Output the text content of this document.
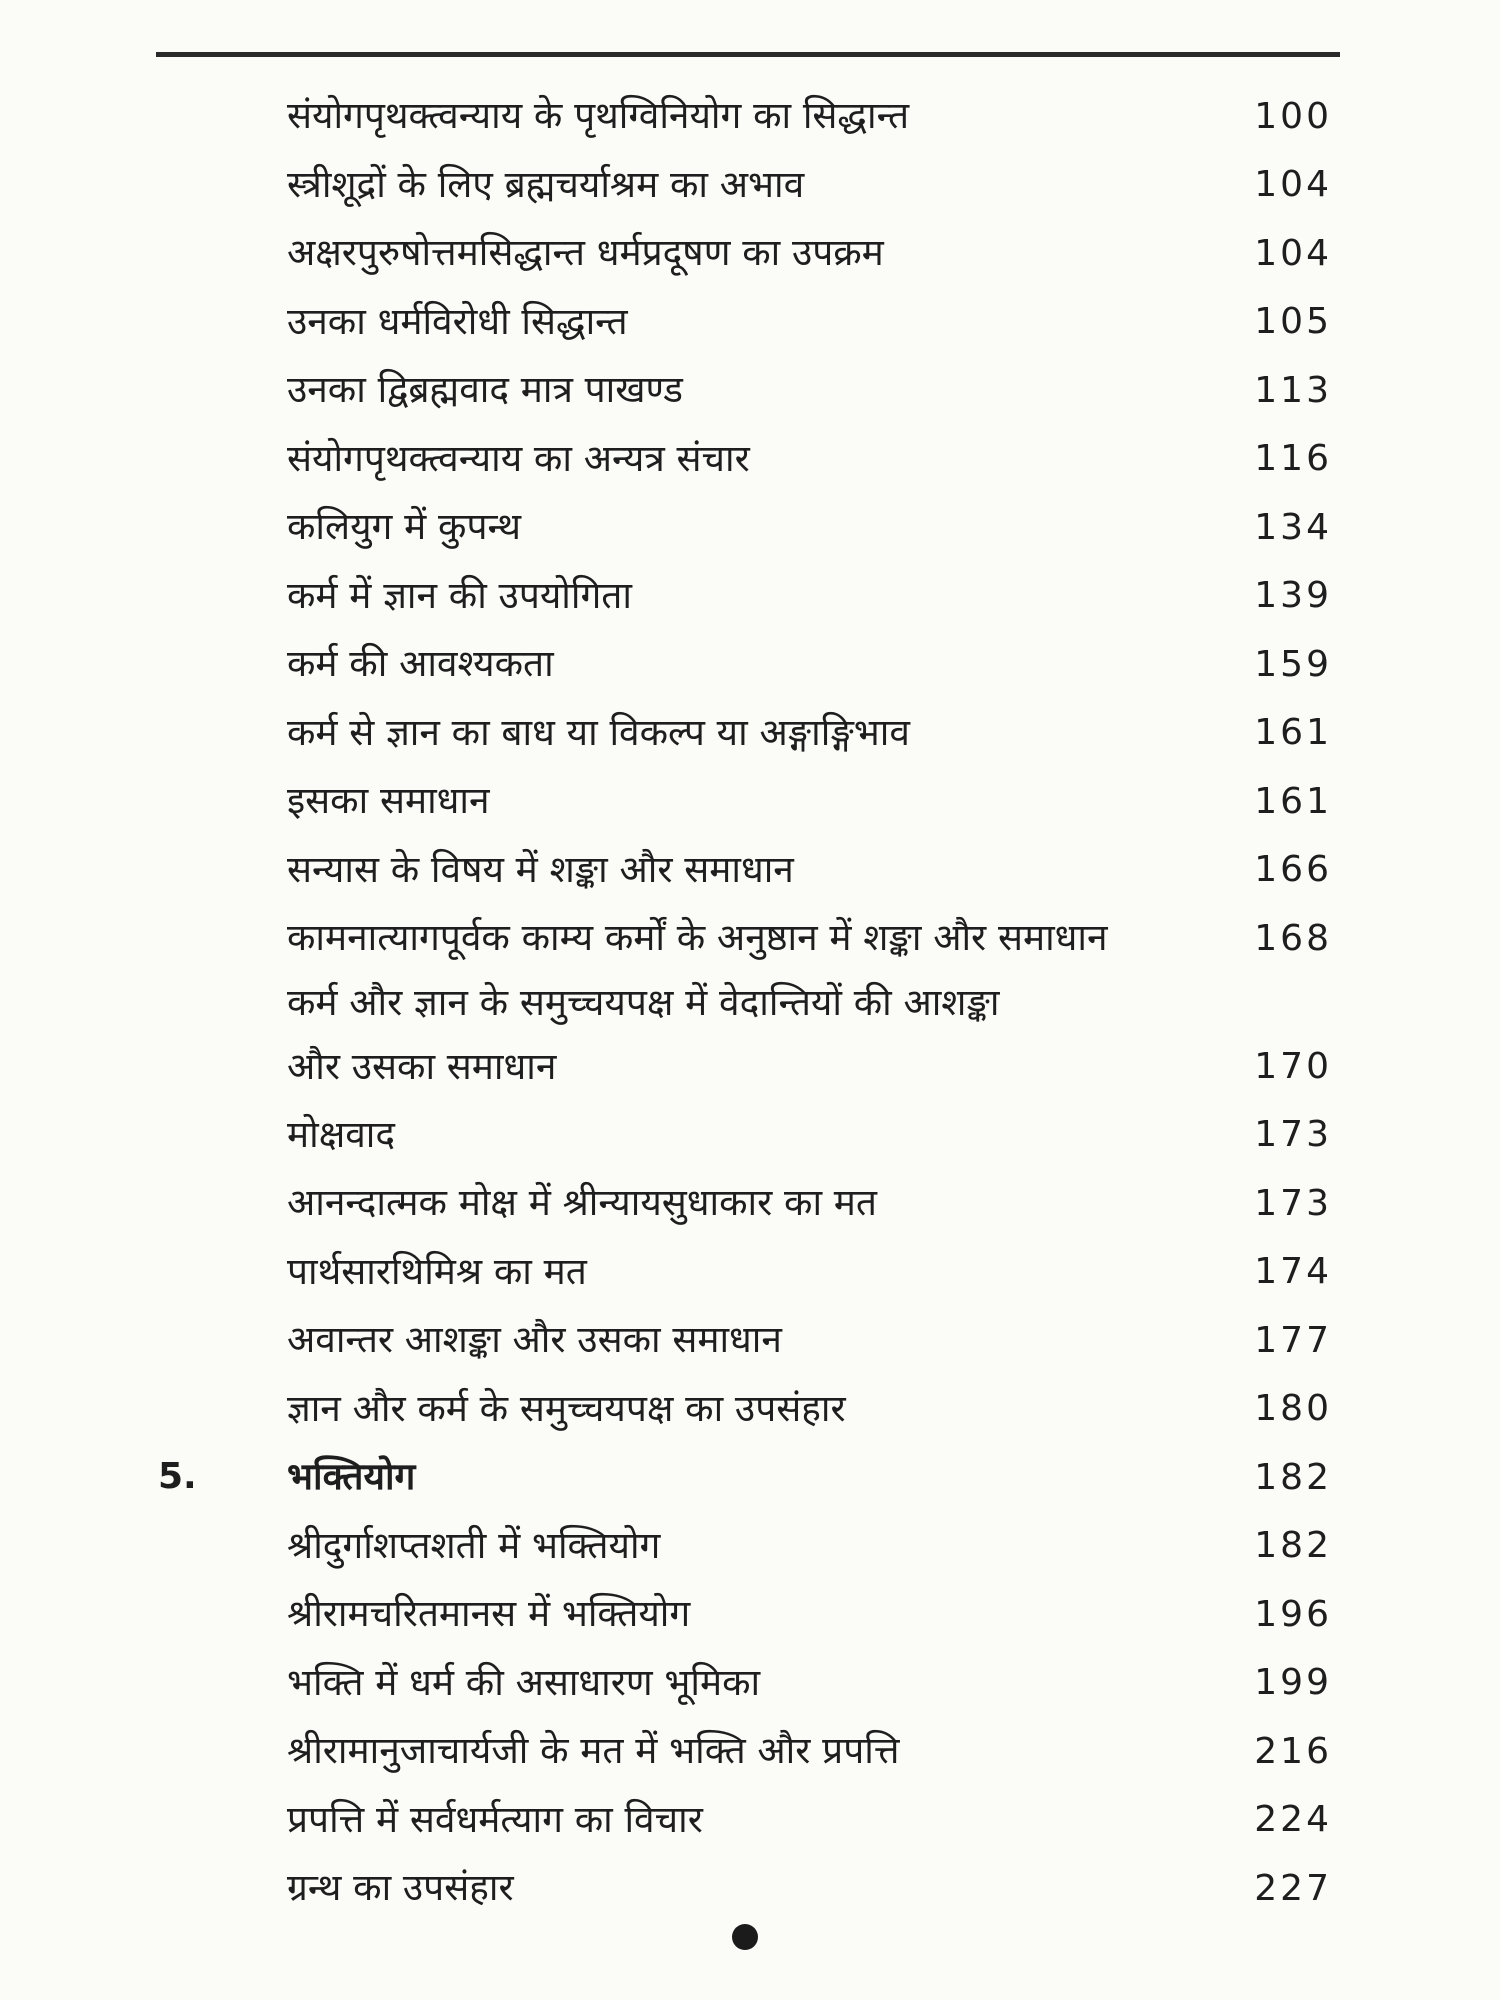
संयोगपृथक्त्वन्याय के पृथग्विनियोग का सिद्धान्त	100
स्त्रीशूद्रों के लिए ब्रह्मचर्याश्रम का अभाव	104
अक्षरपुरुषोत्तमसिद्धान्त धर्मप्रदूषण का उपक्रम	104
उनका धर्मविरोधी सिद्धान्त	105
उनका द्विब्रह्मवाद मात्र पाखण्ड	113
संयोगपृथक्त्वन्याय का अन्यत्र संचार	116
कलियुग में कुपन्थ	134
कर्म में ज्ञान की उपयोगिता	139
कर्म की आवश्यकता	159
कर्म से ज्ञान का बाध या विकल्प या अङ्गाङ्गिभाव	161
इसका समाधान	161
सन्यास के विषय में शङ्का और समाधान	166
कामनात्यागपूर्वक काम्य कर्मों के अनुष्ठान में शङ्का और समाधान	168
कर्म और ज्ञान के समुच्चयपक्ष में वेदान्तियों की आशङ्का और उसका समाधान	170
मोक्षवाद	173
आनन्दात्मक मोक्ष में श्रीन्यायसुधाकार का मत	173
पार्थसारथिमिश्र का मत	174
अवान्तर आशङ्का और उसका समाधान	177
ज्ञान और कर्म के समुच्चयपक्ष का उपसंहार	180
5. भक्तियोग	182
श्रीदुर्गाशप्तशती में भक्तियोग	182
श्रीरामचरितमानस में भक्तियोग	196
भक्ति में धर्म की असाधारण भूमिका	199
श्रीरामानुजाचार्यजी के मत में भक्ति और प्रपत्ति	216
प्रपत्ति में सर्वधर्मत्याग का विचार	224
ग्रन्थ का उपसंहार	227
